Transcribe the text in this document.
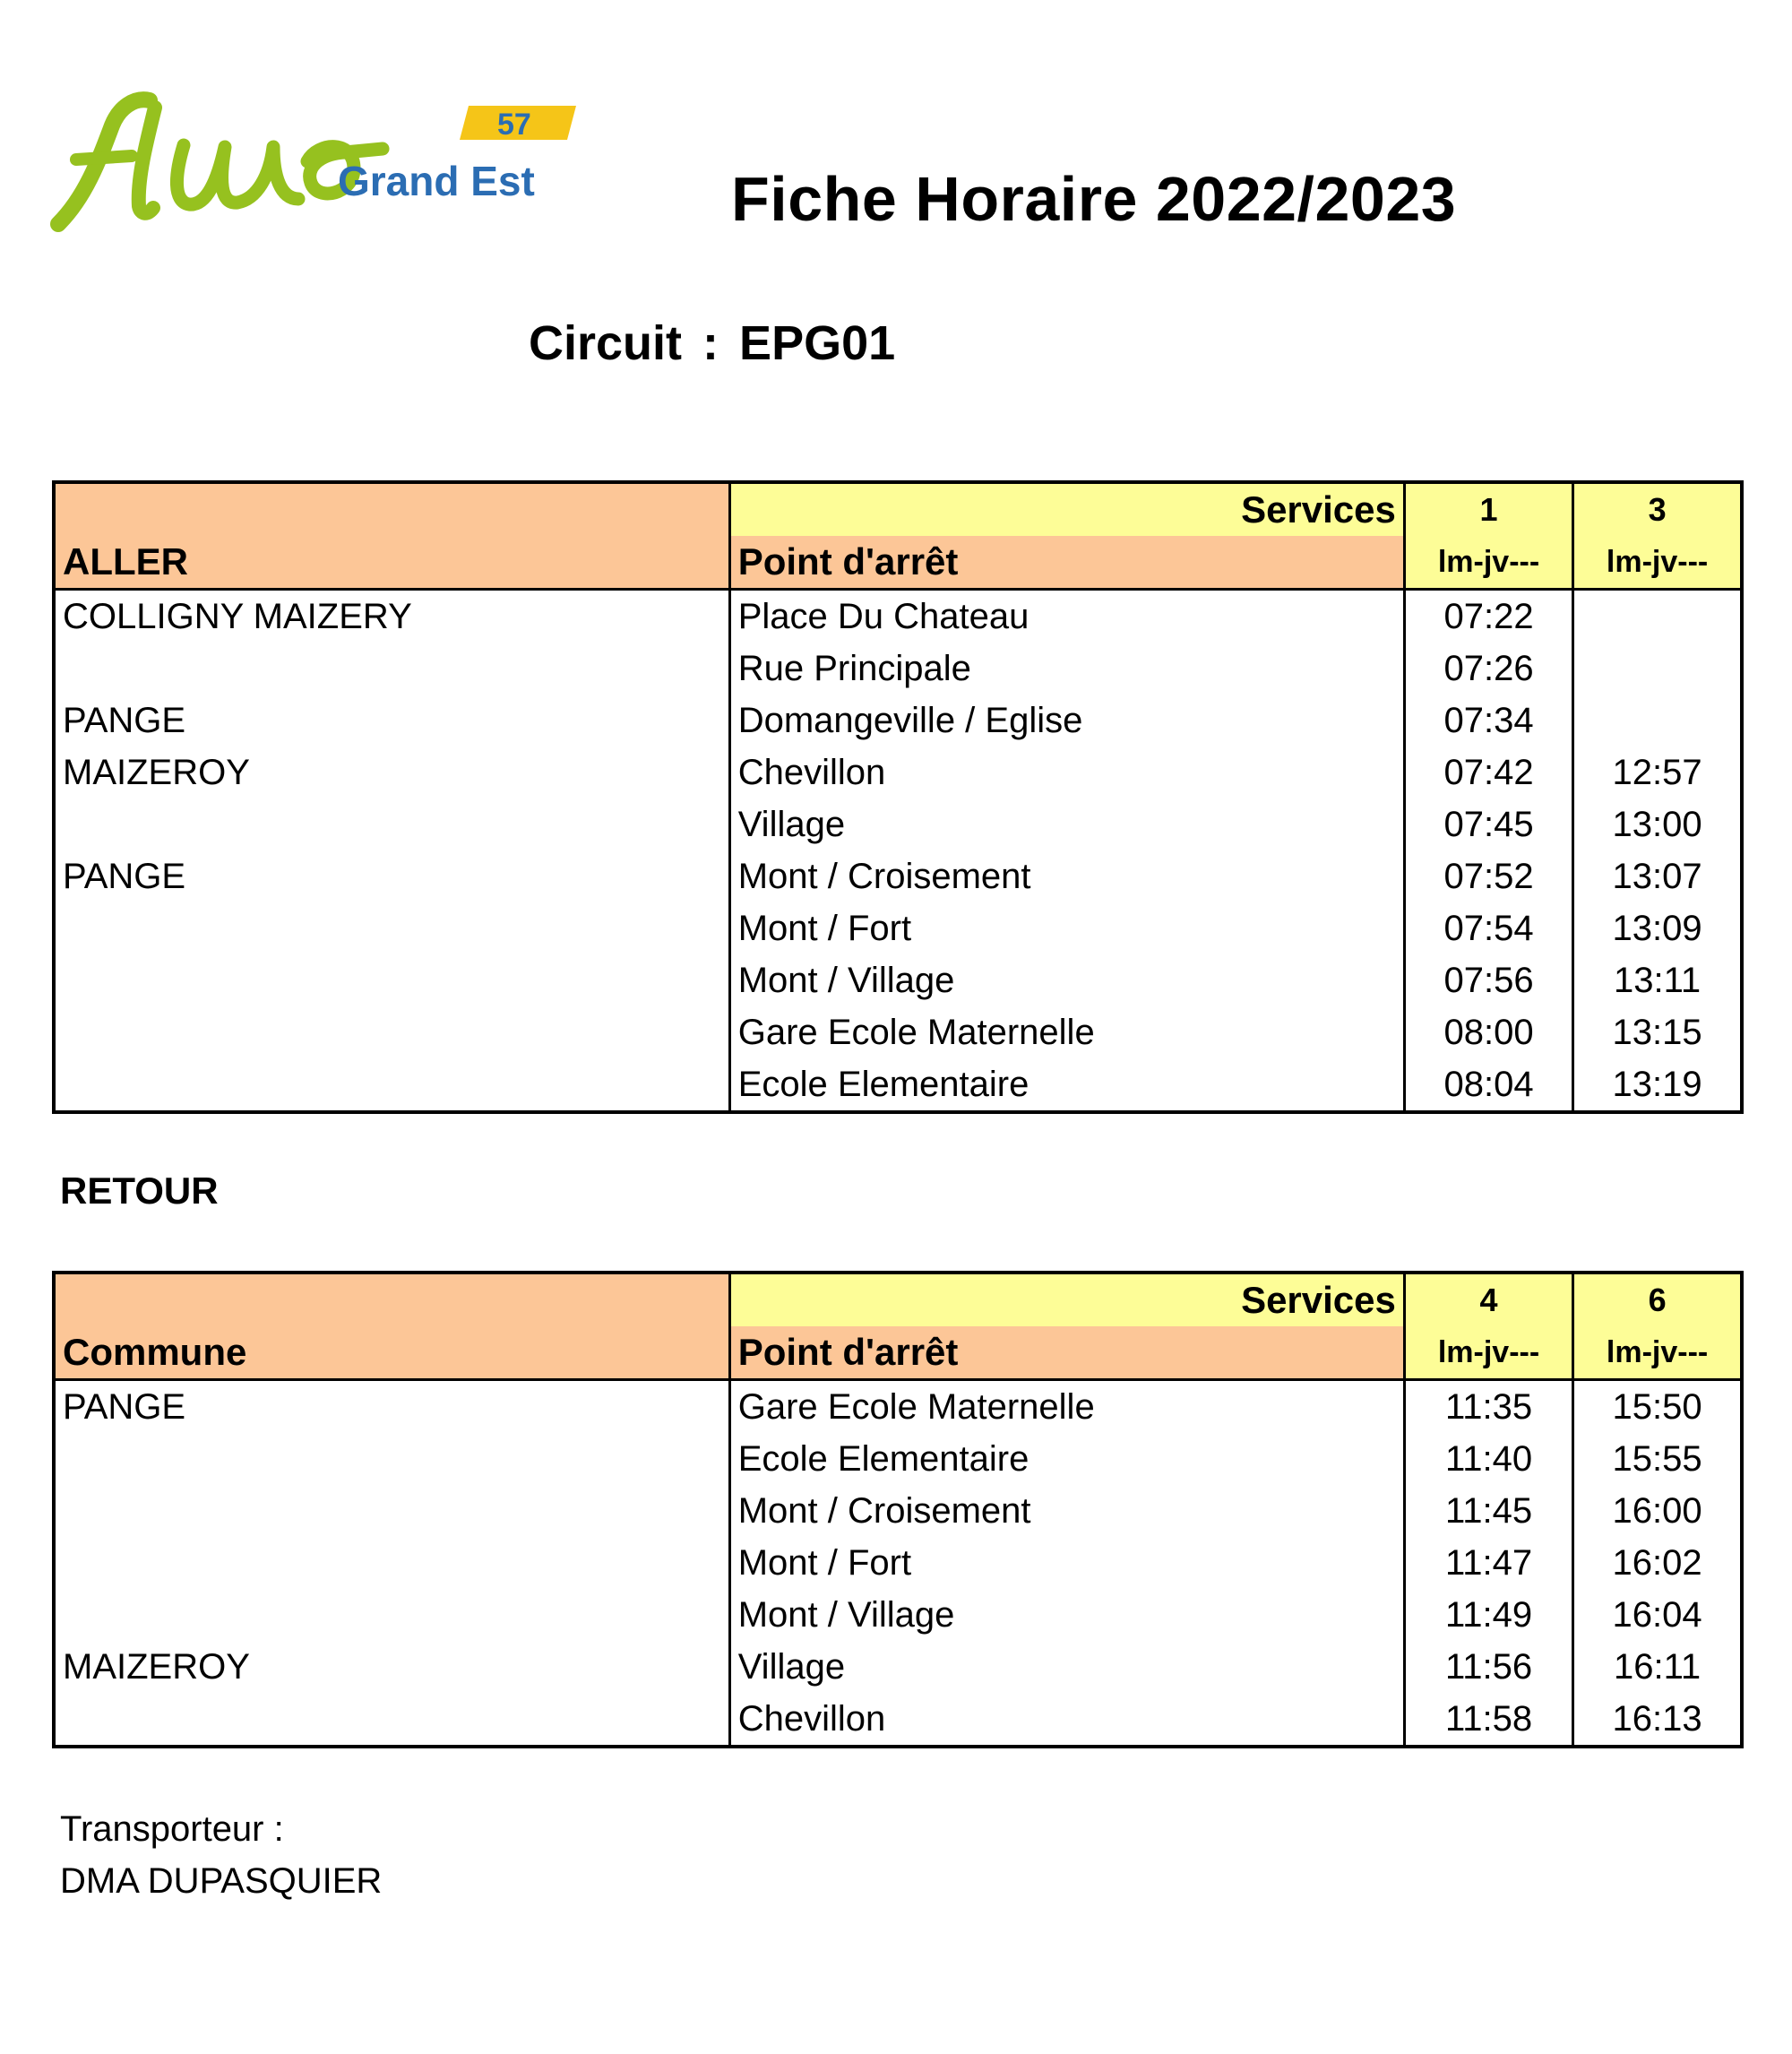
Grand Est
57
fluo
Fiche Horaire 2022/2023
Circuit : EPG01
ALLER	Services	1	3
	Point d'arrêt	lm-jv---	lm-jv---
COLLIGNY MAIZERY	Place Du Chateau	07:22	
	Rue Principale	07:26	
PANGE	Domangeville / Eglise	07:34	
MAIZEROY	Chevillon	07:42	12:57
	Village	07:45	13:00
PANGE	Mont / Croisement	07:52	13:07
	Mont / Fort	07:54	13:09
	Mont / Village	07:56	13:11
	Gare Ecole Maternelle	08:00	13:15
	Ecole Elementaire	08:04	13:19
RETOUR
Commune	Services	4	6
	Point d'arrêt	lm-jv---	lm-jv---
PANGE	Gare Ecole Maternelle	11:35	15:50
	Ecole Elementaire	11:40	15:55
	Mont / Croisement	11:45	16:00
	Mont / Fort	11:47	16:02
	Mont / Village	11:49	16:04
MAIZEROY	Village	11:56	16:11
	Chevillon	11:58	16:13
Transporteur :
DMA DUPASQUIER
